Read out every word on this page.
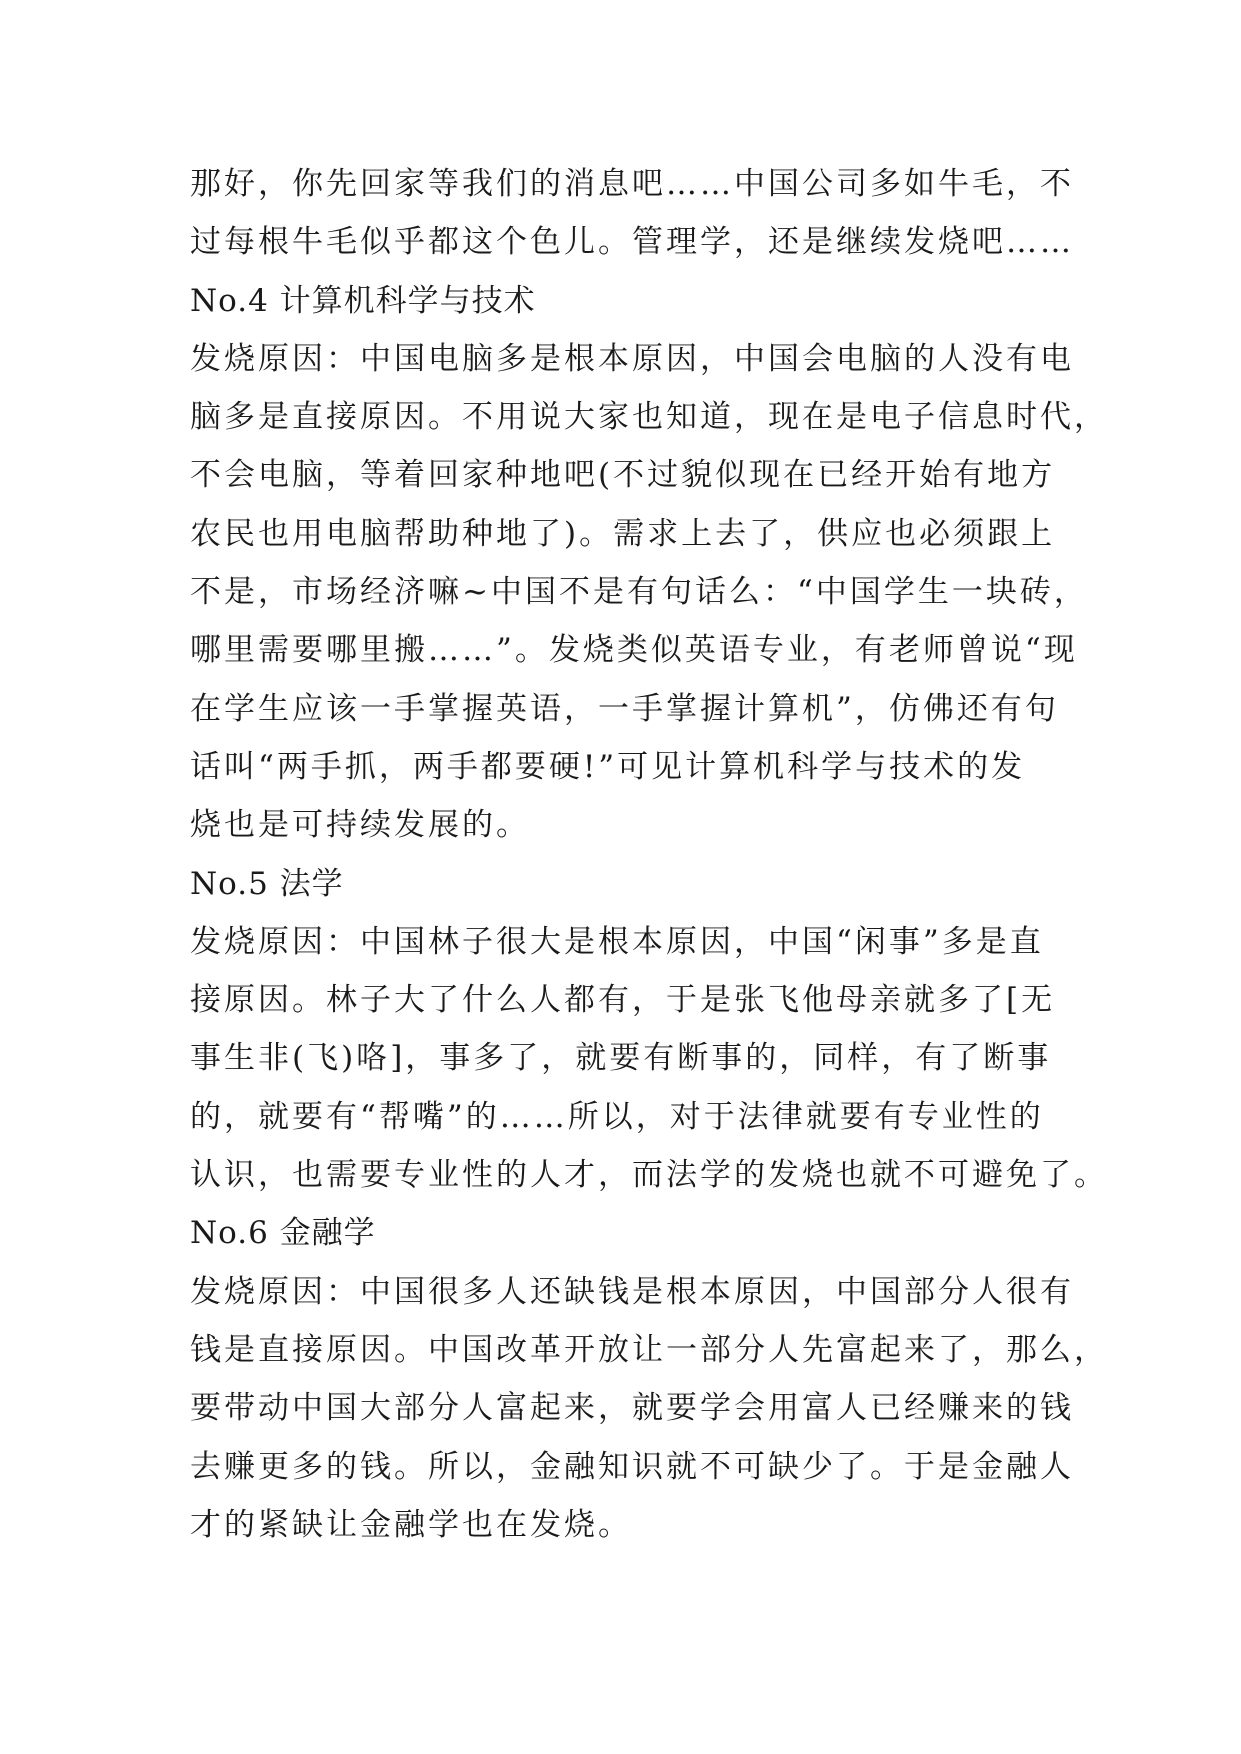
那好，你先回家等我们的消息吧……中国公司多如牛毛，不
过每根牛毛似乎都这个色儿。管理学，还是继续发烧吧……
No.4 计算机科学与技术
发烧原因：中国电脑多是根本原因，中国会电脑的人没有电
脑多是直接原因。不用说大家也知道，现在是电子信息时代，
不会电脑，等着回家种地吧(不过貌似现在已经开始有地方
农民也用电脑帮助种地了)。需求上去了，供应也必须跟上
不是，市场经济嘛~中国不是有句话么：“中国学生一块砖，
哪里需要哪里搬……”。发烧类似英语专业，有老师曾说“现
在学生应该一手掌握英语，一手掌握计算机”，仿佛还有句
话叫“两手抓，两手都要硬!”可见计算机科学与技术的发
烧也是可持续发展的。
No.5 法学
发烧原因：中国林子很大是根本原因，中国“闲事”多是直
接原因。林子大了什么人都有，于是张飞他母亲就多了[无
事生非(飞)咯]，事多了，就要有断事的，同样，有了断事
的，就要有“帮嘴”的……所以，对于法律就要有专业性的
认识，也需要专业性的人才，而法学的发烧也就不可避免了。
No.6 金融学
发烧原因：中国很多人还缺钱是根本原因，中国部分人很有
钱是直接原因。中国改革开放让一部分人先富起来了，那么，
要带动中国大部分人富起来，就要学会用富人已经赚来的钱
去赚更多的钱。所以，金融知识就不可缺少了。于是金融人
才的紧缺让金融学也在发烧。
